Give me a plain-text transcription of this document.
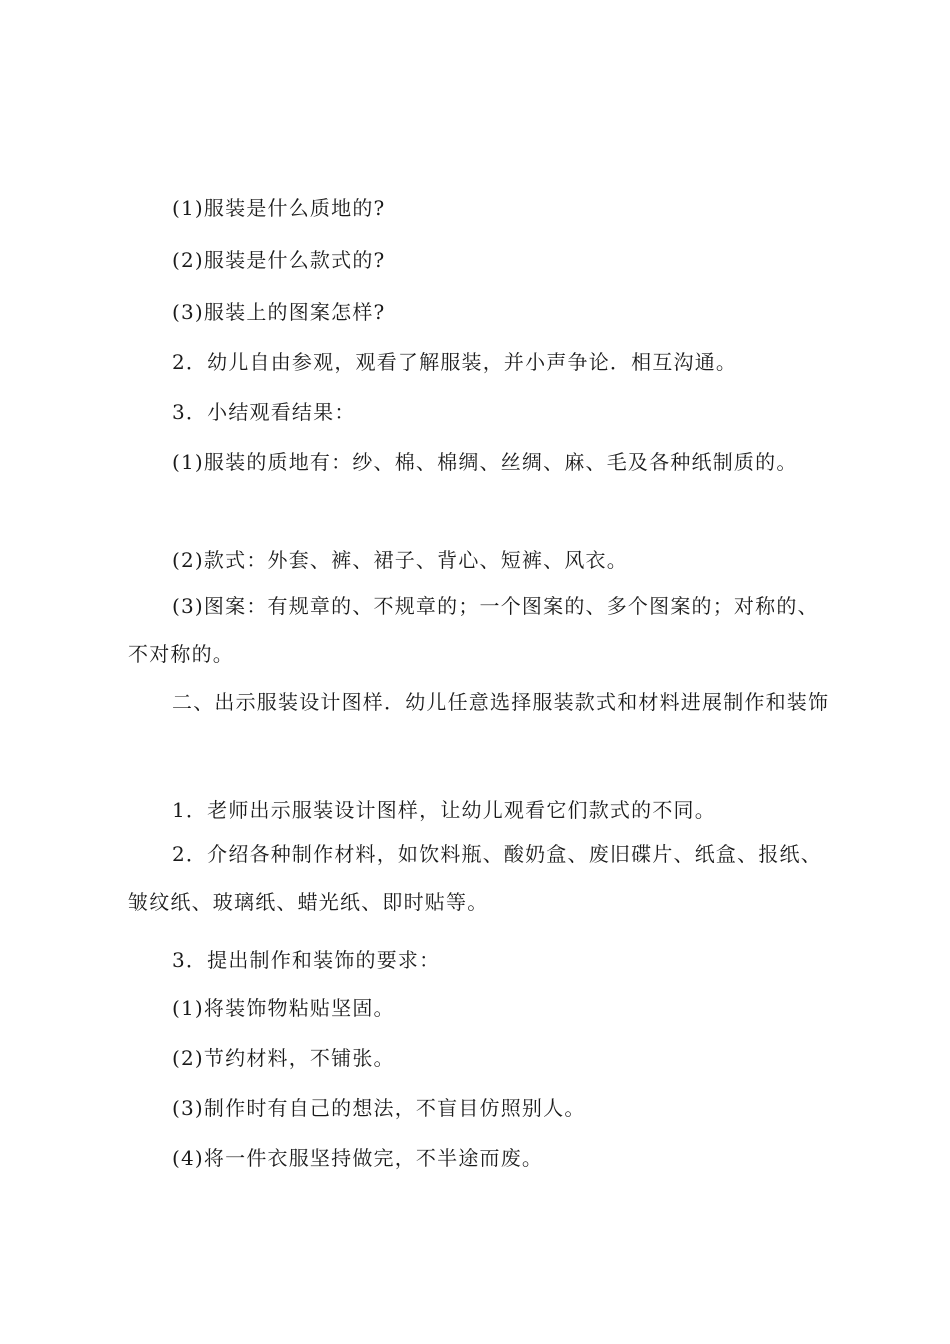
(1)服装是什么质地的?
(2)服装是什么款式的?
(3)服装上的图案怎样?
2．幼儿自由参观，观看了解服装，并小声争论．相互沟通。
3．小结观看结果：
(1)服装的质地有：纱、棉、棉绸、丝绸、麻、毛及各种纸制质的。
(2)款式：外套、裤、裙子、背心、短裤、风衣。
(3)图案：有规章的、不规章的；一个图案的、多个图案的；对称的、不对称的。
二、出示服装设计图样．幼儿任意选择服装款式和材料进展制作和装饰
1．老师出示服装设计图样，让幼儿观看它们款式的不同。
2．介绍各种制作材料，如饮料瓶、酸奶盒、废旧碟片、纸盒、报纸、皱纹纸、玻璃纸、蜡光纸、即时贴等。
3．提出制作和装饰的要求：
(1)将装饰物粘贴坚固。
(2)节约材料，不铺张。
(3)制作时有自己的想法，不盲目仿照别人。
(4)将一件衣服坚持做完，不半途而废。
